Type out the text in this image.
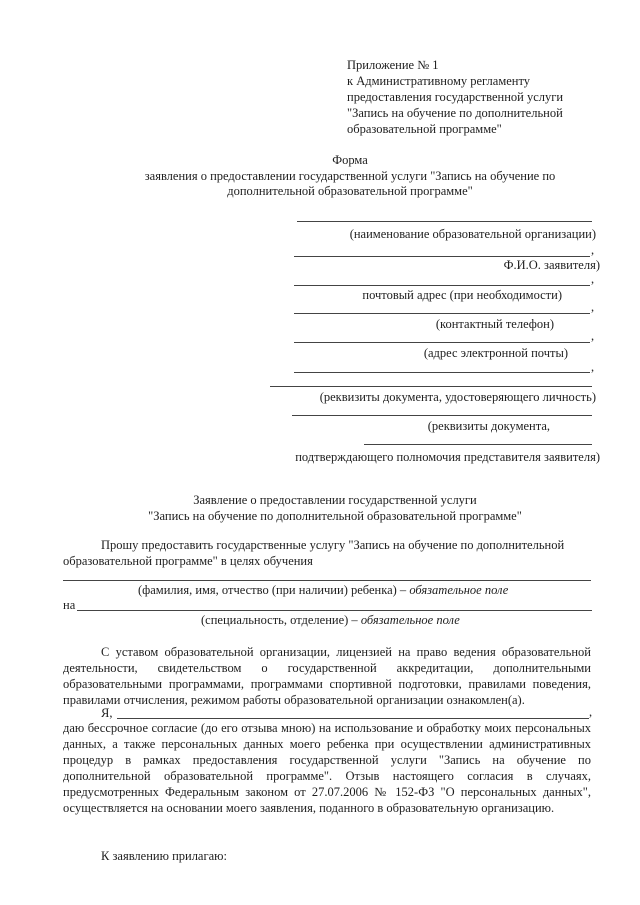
Приложение № 1
к Административному регламенту
предоставления государственной услуги
"Запись на обучение по дополнительной
образовательной программе"
Форма
заявления о предоставлении государственной услуги "Запись на обучение по
дополнительной образовательной программе"
(наименование образовательной организации)
,
Ф.И.О. заявителя)
,
почтовый адрес (при необходимости)
,
(контактный телефон)
,
(адрес электронной почты)
,
(реквизиты документа, удостоверяющего личность)
(реквизиты документа,
подтверждающего полномочия представителя заявителя)
Заявление о предоставлении государственной услуги
"Запись на обучение по дополнительной образовательной программе"
Прошу предоставить государственные услугу "Запись на обучение по дополнительной
образовательной программе" в целях обучения
(фамилия, имя, отчество (при наличии) ребенка) – обязательное поле
на
(специальность, отделение) – обязательное поле
С уставом образовательной организации, лицензией на право ведения образовательной
деятельности, свидетельством о государственной аккредитации, дополнительными
образовательными программами, программами спортивной подготовки, правилами поведения,
правилами отчисления, режимом работы образовательной организации ознакомлен(а).
Я,	,
даю бессрочное согласие (до его отзыва мною) на использование и обработку моих персональных
данных, а также персональных данных моего ребенка при осуществлении административных
процедур в рамках предоставления государственной услуги "Запись на обучение по
дополнительной образовательной программе". Отзыв настоящего согласия в случаях,
предусмотренных Федеральным законом от 27.07.2006 № 152-ФЗ "О персональных данных",
осуществляется на основании моего заявления, поданного в образовательную организацию.
К заявлению прилагаю:
